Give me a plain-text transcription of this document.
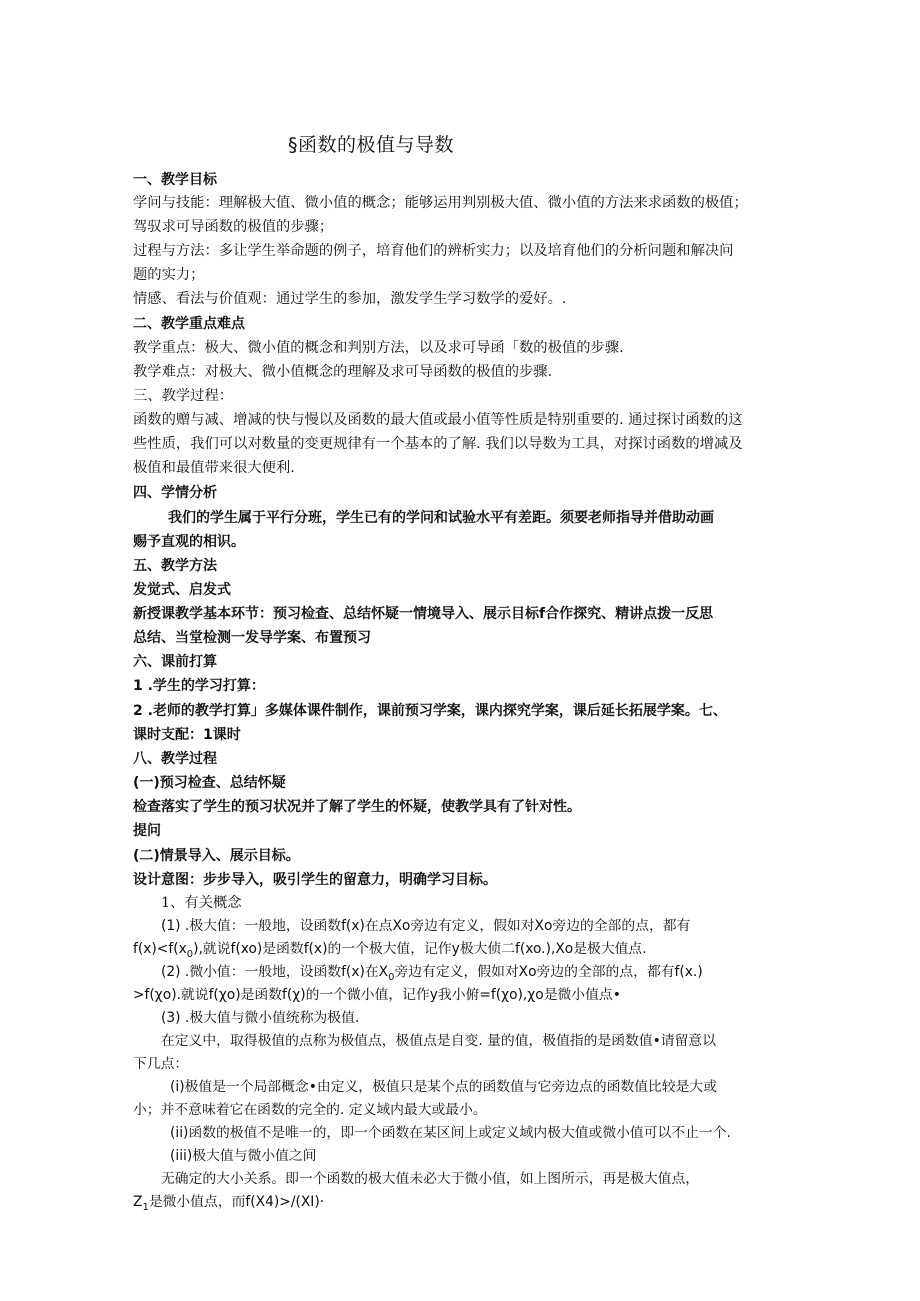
§函数的极值与导数
一、教学目标
学问与技能：理解极大值、微小值的概念；能够运用判别极大值、微小值的方法来求函数的极值；
驾驭求可导函数的极值的步骤；
过程与方法：多让学生举命题的例子，培育他们的辨析实力；以及培育他们的分析问题和解决问
题的实力；
情感、看法与价值观：通过学生的参加，激发学生学习数学的爱好。.
二、教学重点难点
教学重点：极大、微小值的概念和判别方法，以及求可导函「数的极值的步骤.
教学难点：对极大、微小值概念的理解及求可导函数的极值的步骤.
三、教学过程：
函数的赠与减、增减的快与慢以及函数的最大值或最小值等性质是特别重要的. 通过探讨函数的这
些性质，我们可以对数量的变更规律有一个基本的了解. 我们以导数为工具，对探讨函数的增减及
极值和最值带来很大便利.
四、学情分析
我们的学生属于平行分班，学生已有的学问和试验水平有差距。须要老师指导并借助动画
赐予直观的相识。
五、教学方法
发觉式、启发式
新授课教学基本环节：预习检查、总结怀疑一情境导入、展示目标f合作探究、精讲点拨一反思
总结、当堂检测一发导学案、布置预习
六、课前打算
1 .学生的学习打算：
2 .老师的教学打算」多媒体课件制作，课前预习学案，课内探究学案，课后延长拓展学案。七、
课时支配：1课时
八、教学过程
(一)预习检查、总结怀疑
检查落实了学生的预习状况并了解了学生的怀疑，使教学具有了针对性。
提问
(二)情景导入、展示目标。
设计意图：步步导入，吸引学生的留意力，明确学习目标。
1、有关概念
(1) .极大值：一般地，设函数f(x)在点Xo旁边有定义，假如对Xo旁边的全部的点，都有
$f(x)<f(x_0)$,就说f(xo)是函数f(x)的一个极大值，记作y极大侦二f(xo.),Xo是极大值点.
(2) .微小值：一般地，设函数f(x)在$X_0$旁边有定义，假如对Xo旁边的全部的点，都有f(x.)
>f(χo).就说f(χo)是函数f(χ)的一个微小值，记作y我小俯=f(χo),χo是微小值点•
(3) .极大值与微小值统称为极值.
在定义中，取得极值的点称为极值点，极值点是自变. 量的值，极值指的是函数值•请留意以
下几点：
(i)极值是一个局部概念•由定义，极值只是某个点的函数值与它旁边点的函数值比较是大或
小；并不意味着它在函数的完全的. 定义域内最大或最小。
(ii)函数的极值不是唯一的，即一个函数在某区间上或定义域内极大值或微小值可以不止一个.
(iii)极大值与微小值之间
无确定的大小关系。即一个函数的极大值未必大于微小值，如上图所示，再是极大值点，
$Z_1$是微小值点，而f(X4)>/(XI)·
